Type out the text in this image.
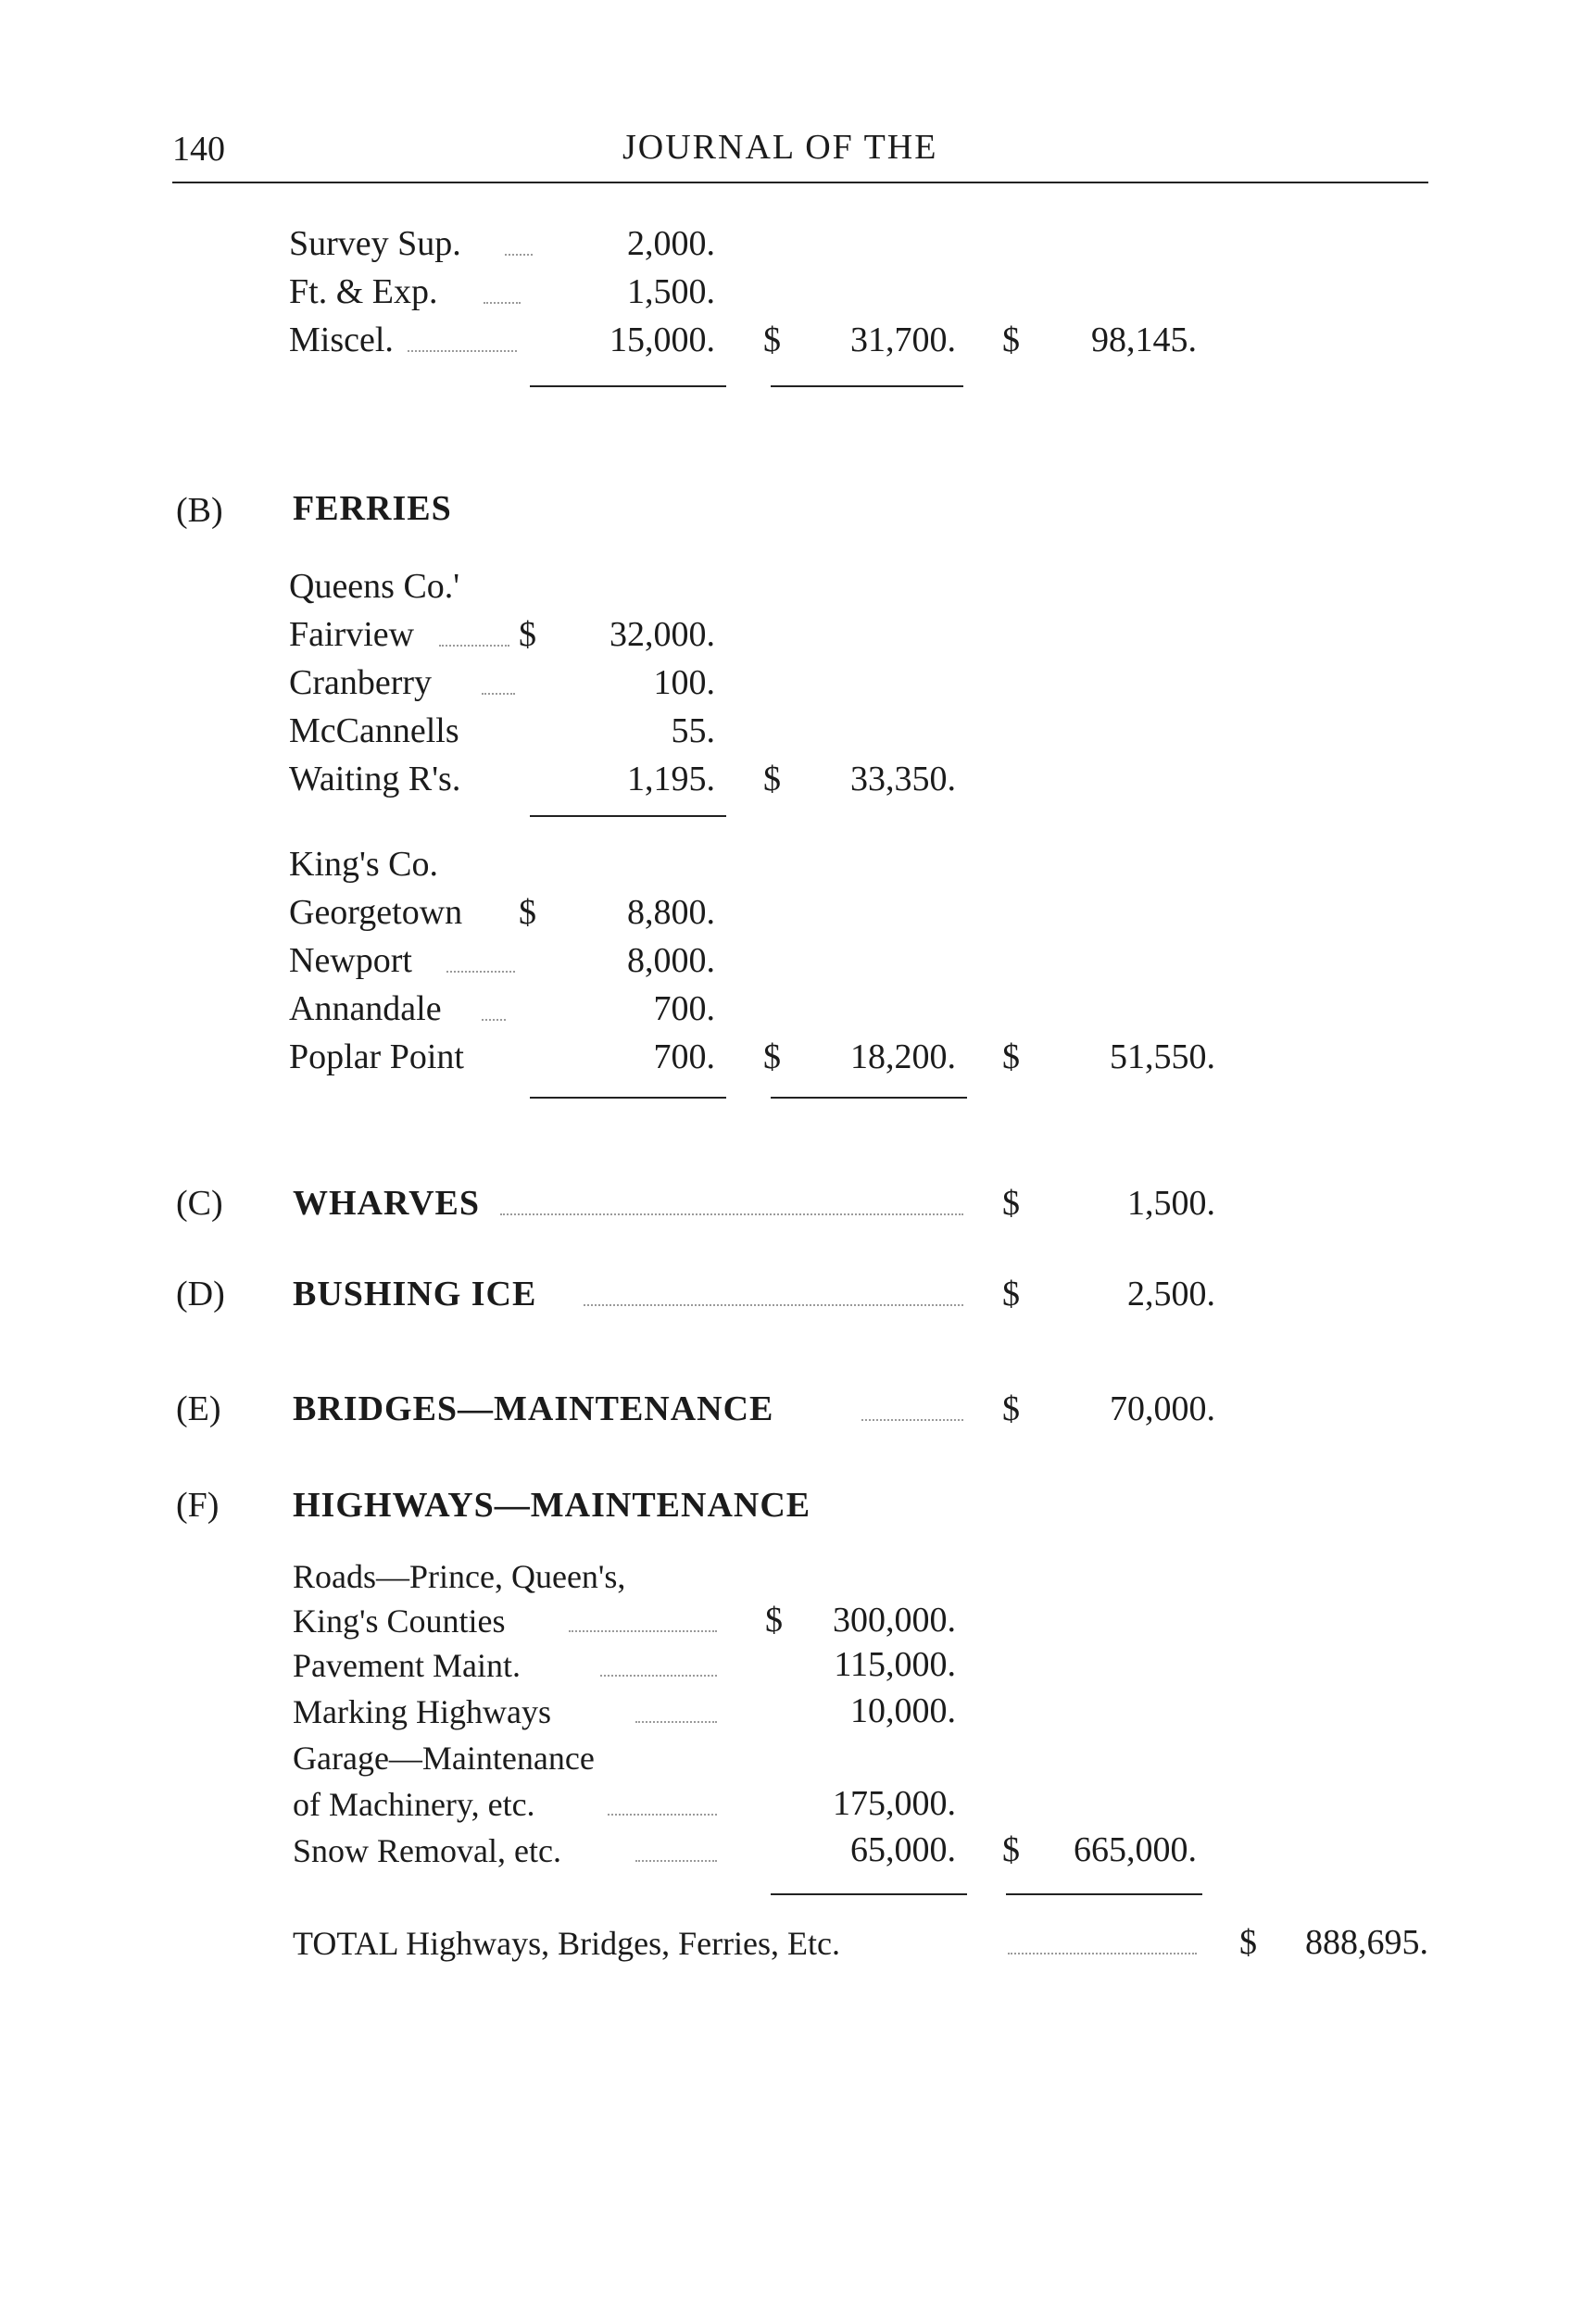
140	JOURNAL OF THE
Survey Sup.	2,000.
Ft. & Exp.	1,500.
Miscel.	15,000. $	31,700. $	98,145.
(B) FERRIES
Queens Co.'
Fairview	$	32,000.
Cranberry	100.
McCannells	55.
Waiting R's.	1,195. $	33,350.
King's Co.
Georgetown $	8,800.
Newport	8,000.
Annandale	700.
Poplar Point	700. $	18,200. $	51,550.
(C) WHARVES	$	1,500.
(D) BUSHING ICE	$	2,500.
(E) BRIDGES—MAINTENANCE	$	70,000.
(F) HIGHWAYS—MAINTENANCE
Roads—Prince, Queen's,
King's Counties	$	300,000.
Pavement Maint.	115,000.
Marking Highways	10,000.
Garage—Maintenance
of Machinery, etc.	175,000.
Snow Removal, etc.	65,000. $	665,000.
TOTAL Highways, Bridges, Ferries, Etc.	$	888,695.
